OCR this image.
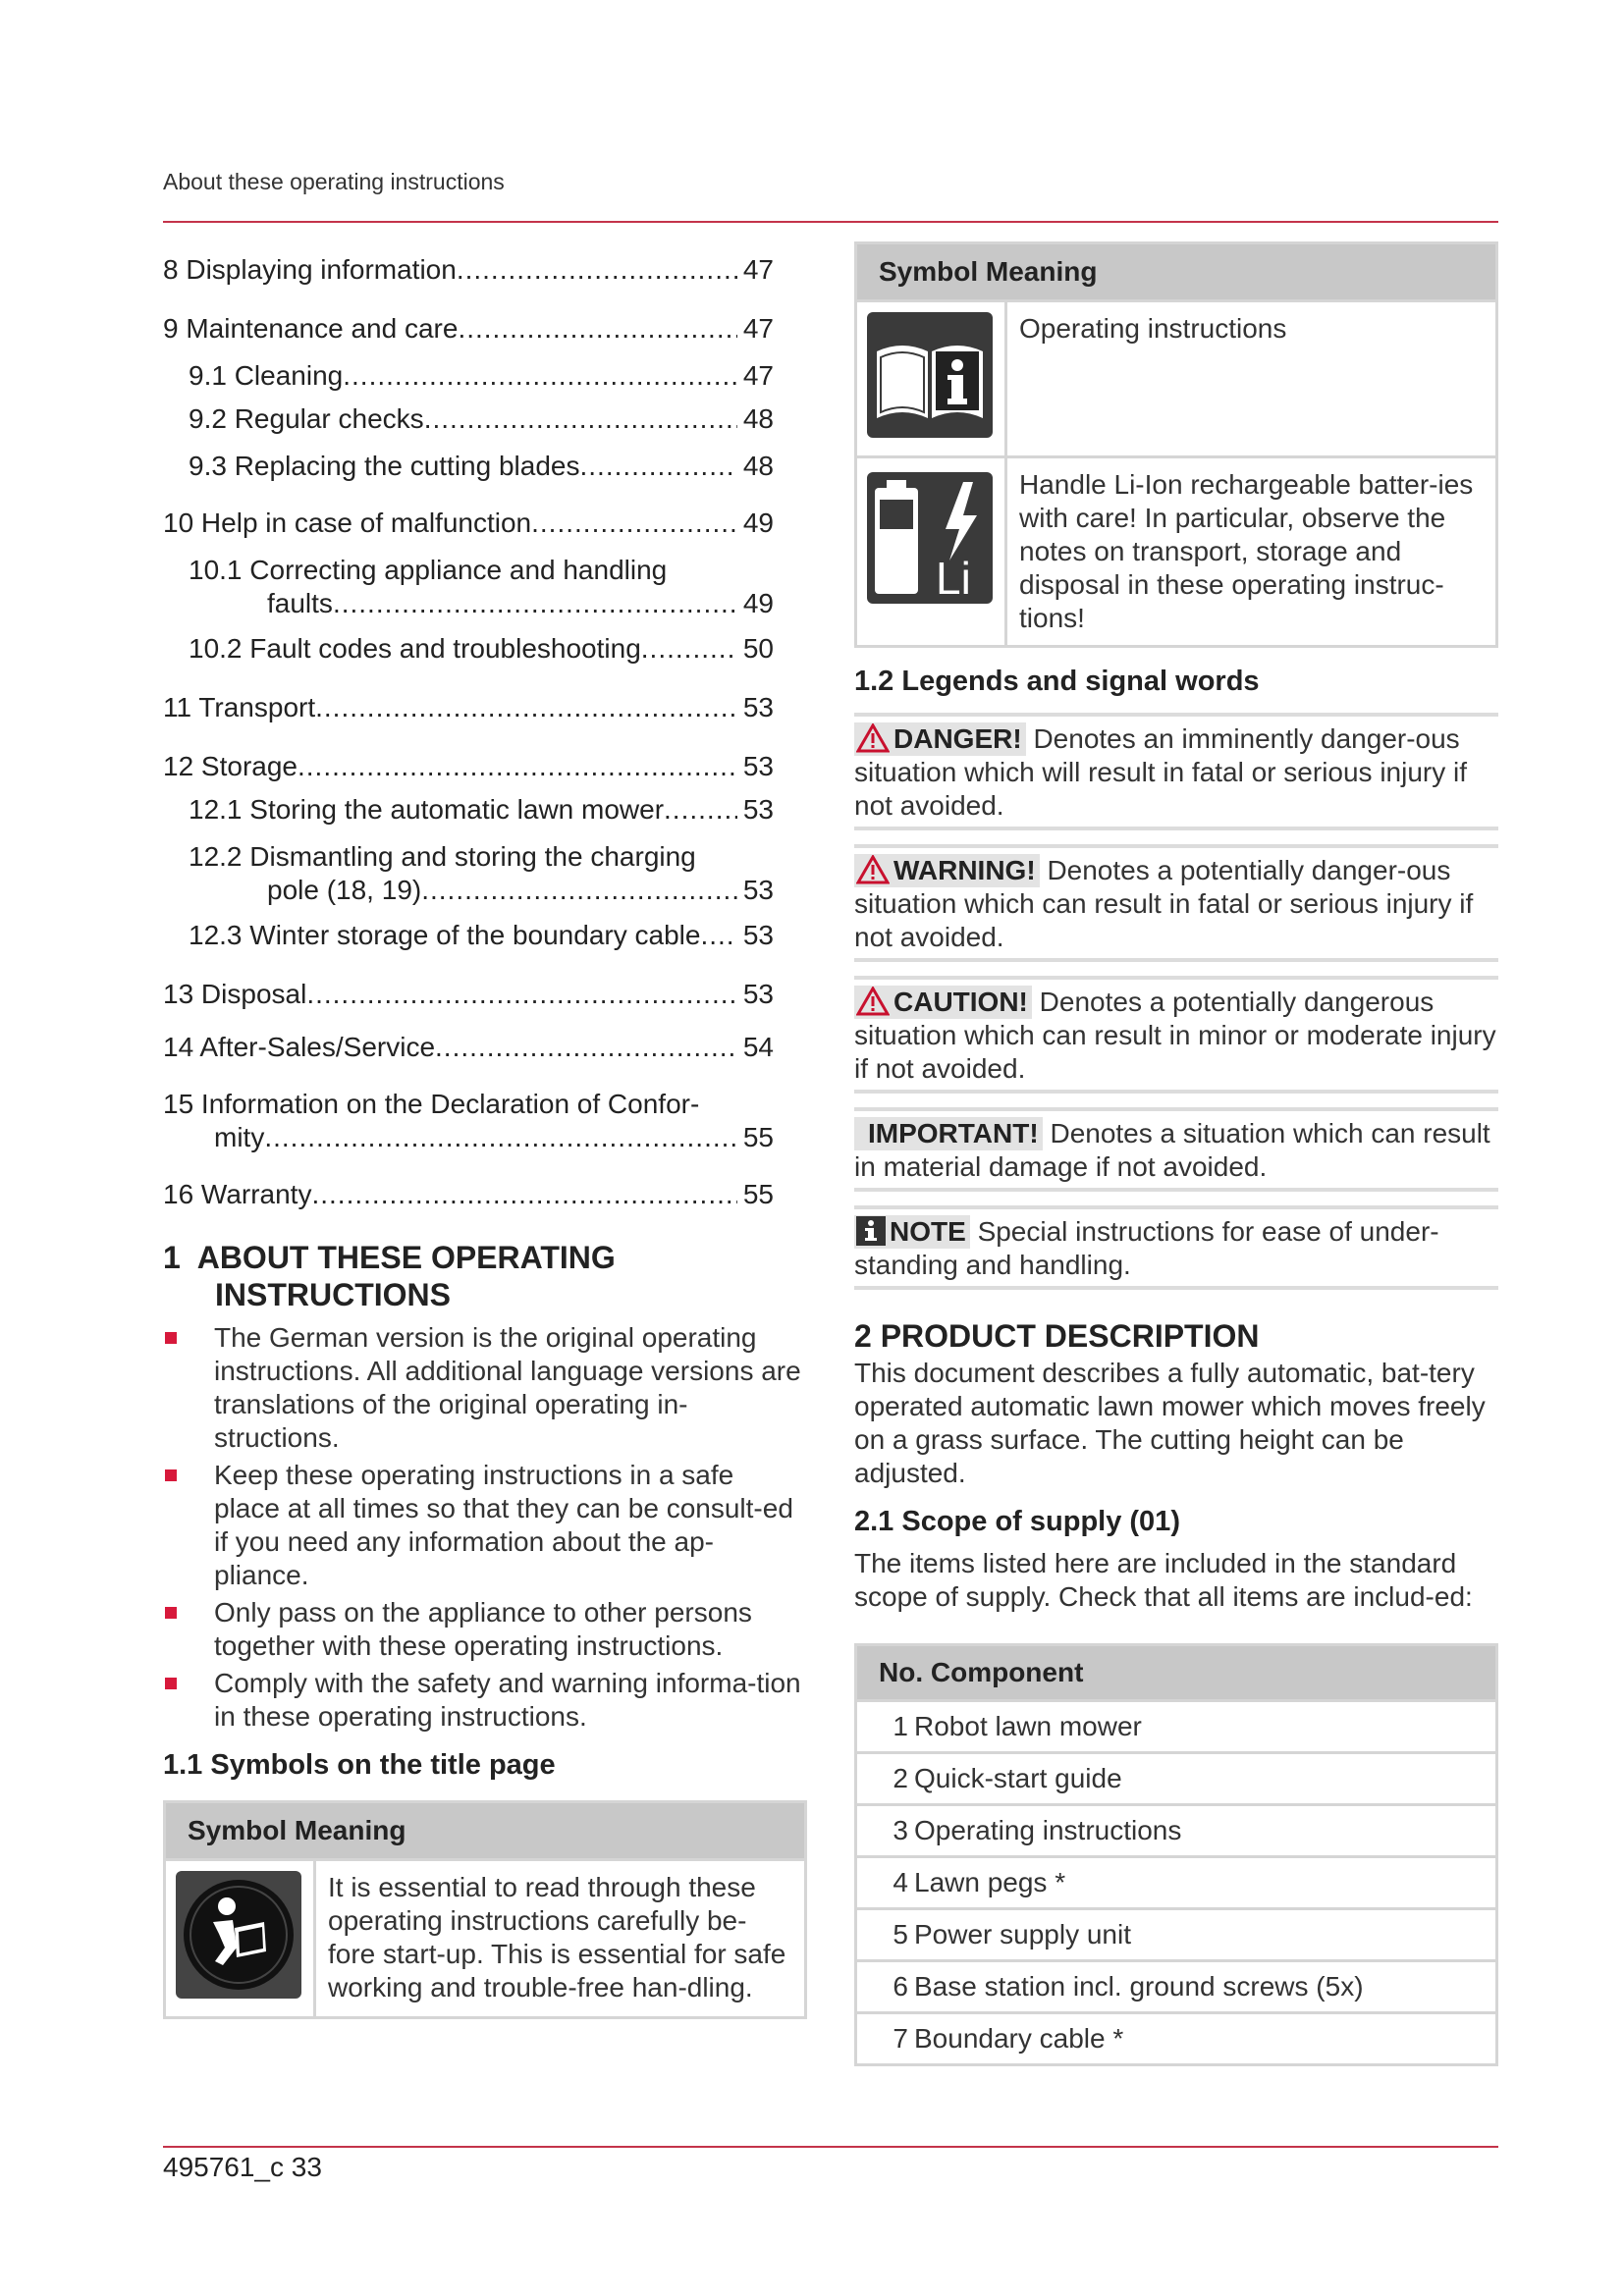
About these operating instructions
8 Displaying information .....	47
9 Maintenance and care .....	47
9.1 Cleaning .....	47
9.2 Regular checks .....	48
9.3 Replacing the cutting blades .....	48
10 Help in case of malfunction .....	49
10.1 Correcting appliance and handling
faults .....	49
10.2 Fault codes and troubleshooting .....	50
11 Transport .....	53
12 Storage .....	53
12.1 Storing the automatic lawn mower .....	53
12.2 Dismantling and storing the charging
pole (18, 19) .....	53
12.3 Winter storage of the boundary cable ..... 53
13 Disposal .....	53
14 After-Sales/Service .....	54
15 Information on the Declaration of Confor-
mity .....	55
16 Warranty .....	55
1 ABOUT THESE OPERATING
INSTRUCTIONS
The German version is the original operating instructions. All additional language versions are translations of the original operating in-structions.
Keep these operating instructions in a safe place at all times so that they can be consult-ed if you need any information about the ap-pliance.
Only pass on the appliance to other persons together with these operating instructions.
Comply with the safety and warning informa-tion in these operating instructions.
1.1 Symbols on the title page
Symbol Meaning
	It is essential to read through these operating instructions carefully be-fore start-up. This is essential for safe working and trouble-free han-dling.
Symbol Meaning	
	Operating instructions

Li	Handle Li-Ion rechargeable batter-ies with care! In particular, observe the notes on transport, storage and disposal in these operating instruc-tions!
1.2 Legends and signal words
DANGER! Denotes an imminently danger-ous situation which will result in fatal or serious injury if not avoided.
WARNING! Denotes a potentially danger-ous situation which can result in fatal or serious injury if not avoided.
CAUTION! Denotes a potentially dangerous situation which can result in minor or moderate injury if not avoided.
IMPORTANT! Denotes a situation which can result in material damage if not avoided.
NOTE Special instructions for ease of under-standing and handling.
2 PRODUCT DESCRIPTION
This document describes a fully automatic, bat-tery operated automatic lawn mower which moves freely on a grass surface. The cutting height can be adjusted.
2.1 Scope of supply (01)
The items listed here are included in the standard scope of supply. Check that all items are includ-ed:
No. Component
1 Robot lawn mower
2 Quick-start guide
3 Operating instructions
4 Lawn pegs *
5 Power supply unit
6 Base station incl. ground screws (5x)
7 Boundary cable *
495761_c 33
